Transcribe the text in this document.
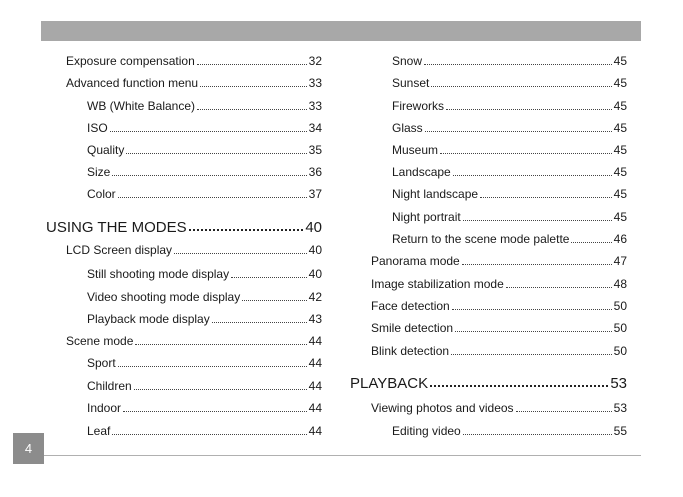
Exposure compensation	32
Advanced function menu	33
WB (White Balance)	33
ISO	34
Quality	35
Size	36
Color	37
USING THE MODES	40
LCD Screen display	40
Still shooting mode display	40
Video shooting mode display	42
Playback mode display	43
Scene mode	44
Sport	44
Children	44
Indoor	44
Leaf	44
Snow	45
Sunset	45
Fireworks	45
Glass	45
Museum	45
Landscape	45
Night landscape	45
Night portrait	45
Return to the scene mode palette	46
Panorama mode	47
Image stabilization mode	48
Face detection	50
Smile detection	50
Blink detection	50
PLAYBACK	53
Viewing photos and videos	53
Editing video	55
4
